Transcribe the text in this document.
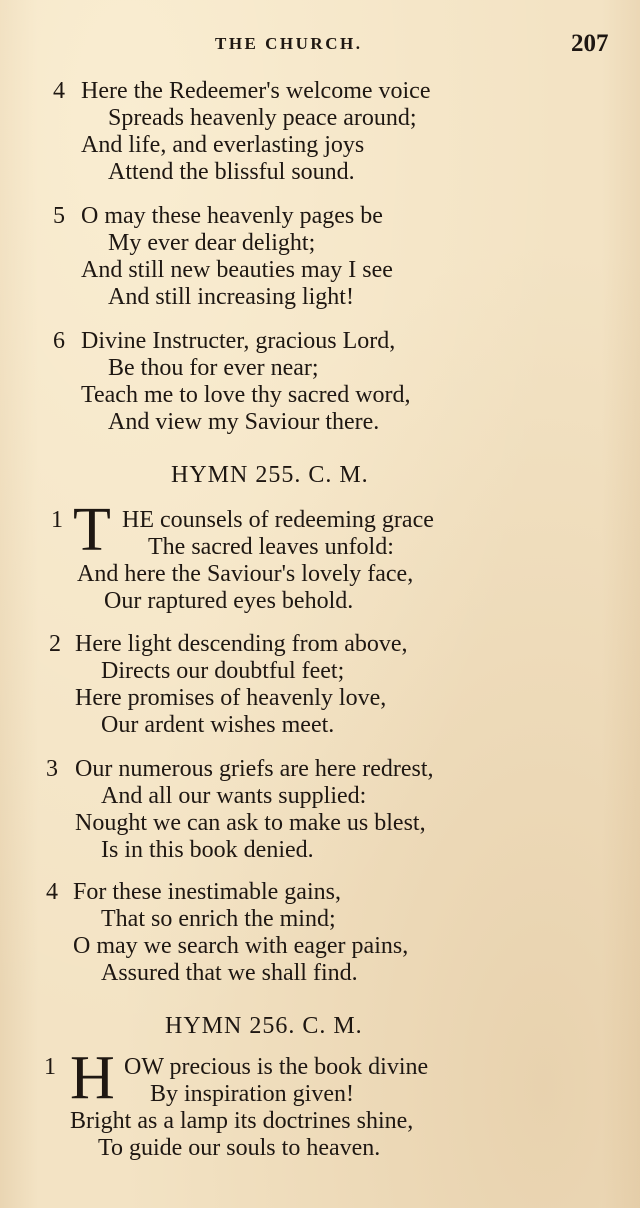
THE CHURCH.	207
4 Here the Redeemer's welcome voice
Spreads heavenly peace around;
And life, and everlasting joys
Attend the blissful sound.
5 O may these heavenly pages be
My ever dear delight;
And still new beauties may I see
And still increasing light!
6 Divine Instructer, gracious Lord,
Be thou for ever near;
Teach me to love thy sacred word,
And view my Saviour there.
HYMN 255. C. M.
1 T HE counsels of redeeming grace
The sacred leaves unfold:
And here the Saviour's lovely face,
Our raptured eyes behold.
2 Here light descending from above,
Directs our doubtful feet;
Here promises of heavenly love,
Our ardent wishes meet.
3 Our numerous griefs are here redrest,
And all our wants supplied:
Nought we can ask to make us blest,
Is in this book denied.
4 For these inestimable gains,
That so enrich the mind;
O may we search with eager pains,
Assured that we shall find.
HYMN 256. C. M.
1 H OW precious is the book divine
By inspiration given!
Bright as a lamp its doctrines shine,
To guide our souls to heaven.
